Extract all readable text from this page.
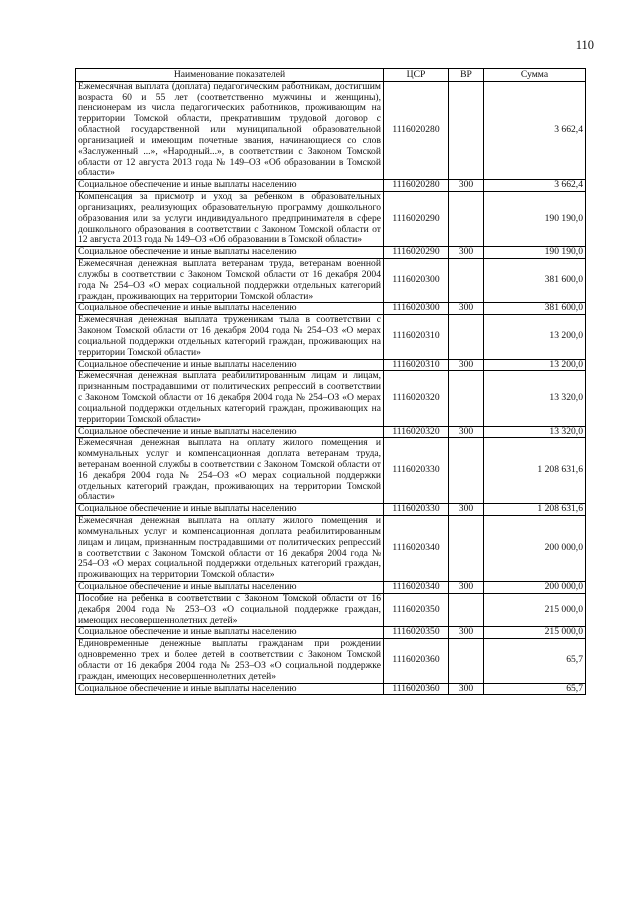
110
Наименование показателей	ЦСР	ВР	Сумма
Ежемесячная выплата (доплата) педагогическим работникам, достигшим возраста 60 и 55 лет (соответственно мужчины и женщины), пенсионерам из числа педагогических работников, проживающим на территории Томской области, прекратившим трудовой договор с областной государственной или муниципальной образовательной организацией и имеющим почетные звания, начинающиеся со слов «Заслуженный ...», «Народный...», в соответствии с Законом Томской области от 12 августа 2013 года № 149–ОЗ «Об образовании в Томской области»	1116020280		3 662,4
Социальное обеспечение и иные выплаты населению	1116020280	300	3 662,4
Компенсация за присмотр и уход за ребенком в образовательных организациях, реализующих образовательную программу дошкольного образования или за услуги индивидуального предпринимателя в сфере дошкольного образования в соответствии с Законом Томской области от 12 августа 2013 года № 149–ОЗ «Об образовании в Томской области»	1116020290		190 190,0
Социальное обеспечение и иные выплаты населению	1116020290	300	190 190,0
Ежемесячная денежная выплата ветеранам труда, ветеранам военной службы в соответствии с Законом Томской области от 16 декабря 2004 года № 254–ОЗ «О мерах социальной поддержки отдельных категорий граждан, проживающих на территории Томской области»	1116020300		381 600,0
Социальное обеспечение и иные выплаты населению	1116020300	300	381 600,0
Ежемесячная денежная выплата труженикам тыла в соответствии с Законом Томской области от 16 декабря 2004 года № 254–ОЗ «О мерах социальной поддержки отдельных категорий граждан, проживающих на территории Томской области»	1116020310		13 200,0
Социальное обеспечение и иные выплаты населению	1116020310	300	13 200,0
Ежемесячная денежная выплата реабилитированным лицам и лицам, признанным пострадавшими от политических репрессий в соответствии с Законом Томской области от 16 декабря 2004 года № 254–ОЗ «О мерах социальной поддержки отдельных категорий граждан, проживающих на территории Томской области»	1116020320		13 320,0
Социальное обеспечение и иные выплаты населению	1116020320	300	13 320,0
Ежемесячная денежная выплата на оплату жилого помещения и коммунальных услуг и компенсационная доплата ветеранам труда, ветеранам военной службы в соответствии с Законом Томской области от 16 декабря 2004 года № 254–ОЗ «О мерах социальной поддержки отдельных категорий граждан, проживающих на территории Томской области»	1116020330		1 208 631,6
Социальное обеспечение и иные выплаты населению	1116020330	300	1 208 631,6
Ежемесячная денежная выплата на оплату жилого помещения и коммунальных услуг и компенсационная доплата реабилитированным лицам и лицам, признанным пострадавшими от политических репрессий в соответствии с Законом Томской области от 16 декабря 2004 года № 254–ОЗ «О мерах социальной поддержки отдельных категорий граждан, проживающих на территории Томской области»	1116020340		200 000,0
Социальное обеспечение и иные выплаты населению	1116020340	300	200 000,0
Пособие на ребенка в соответствии с Законом Томской области от 16 декабря 2004 года № 253–ОЗ «О социальной поддержке граждан, имеющих несовершеннолетних детей»	1116020350		215 000,0
Социальное обеспечение и иные выплаты населению	1116020350	300	215 000,0
Единовременные денежные выплаты гражданам при рождении одновременно трех и более детей в соответствии с Законом Томской области от 16 декабря 2004 года № 253–ОЗ «О социальной поддержке граждан, имеющих несовершеннолетних детей»	1116020360		65,7
Социальное обеспечение и иные выплаты населению	1116020360	300	65,7
